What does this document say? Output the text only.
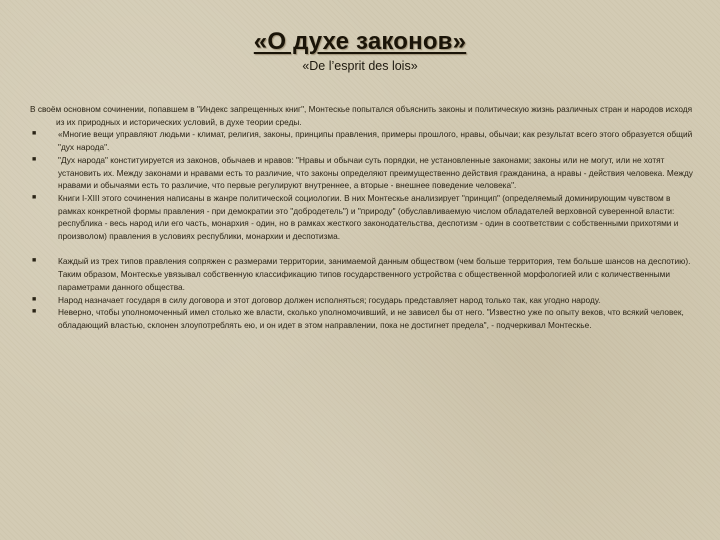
«О духе законов»
«De l’esprit des lois»

В своём основном сочинении, попавшем в "Индекс запрещенных книг", Монтескье попытался объяснить законы и политическую жизнь различных стран и народов исходя из их природных и исторических условий, в духе теории среды.

■	«Многие вещи управляют людьми - климат, религия, законы, принципы правления, примеры прошлого, нравы, обычаи; как результат всего этого образуется общий "дух народа".
■	"Дух народа" конституируется из законов, обычаев и нравов: "Нравы и обычаи суть порядки, не установленные законами; законы или не могут, или не хотят установить их. Между законами и нравами есть то различие, что законы определяют преимущественно действия гражданина, а нравы - действия человека. Между нравами и обычаями есть то различие, что первые регулируют внутреннее, а вторые - внешнее поведение человека".
■	Книги I-XIII этого сочинения написаны в жанре политической социологии. В них Монтескье анализирует "принцип" (определяемый доминирующим чувством в рамках конкретной формы правления - при демократии это "добродетель") и "природу" (обуславливаемую числом обладателей верховной суверенной власти: республика - весь народ или его часть, монархия - один, но в рамках жесткого законодательства, деспотизм - один в соответствии с собственными прихотями и произволом) правления в условиях республики, монархии и деспотизма.
■	Каждый из трех типов правления сопряжен с размерами территории, занимаемой данным обществом (чем больше территория, тем больше шансов на деспотию). Таким образом, Монтескье увязывал собственную классификацию типов государственного устройства с общественной морфологией или с количественными параметрами данного общества.
■	Народ назначает государя в силу договора и этот договор должен исполняться; государь представляет народ только так, как угодно народу.
■	Неверно, чтобы уполномоченный имел столько же власти, сколько уполномочивший, и не зависел бы от него. "Известно уже по опыту веков, что всякий человек, обладающий властью, склонен злоупотреблять ею, и он идет в этом направлении, пока не достигнет предела", - подчеркивал Монтескье.
